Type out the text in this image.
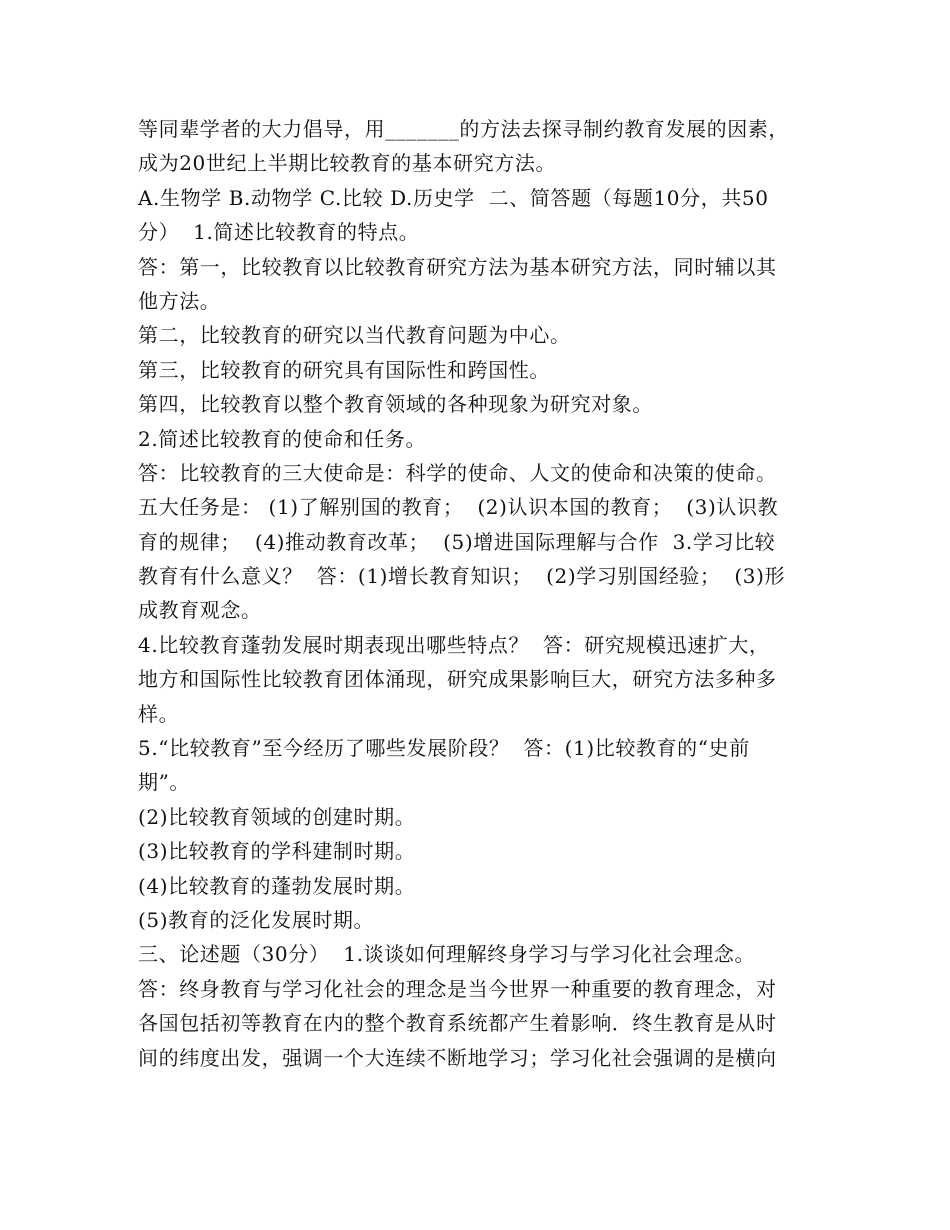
等同辈学者的大力倡导，用_______的方法去探寻制约教育发展的因素，
成为20世纪上半期比较教育的基本研究方法。
A.生物学 B.动物学 C.比较 D.历史学  二、简答题（每题10分，共50
分）  1.简述比较教育的特点。
答：第一，比较教育以比较教育研究方法为基本研究方法，同时辅以其
他方法。
第二，比较教育的研究以当代教育问题为中心。
第三，比较教育的研究具有国际性和跨国性。
第四，比较教育以整个教育领域的各种现象为研究对象。
2.简述比较教育的使命和任务。
答：比较教育的三大使命是：科学的使命、人文的使命和决策的使命。
五大任务是： (1)了解别国的教育；  (2)认识本国的教育；  (3)认识教
育的规律；  (4)推动教育改革；  (5)增进国际理解与合作  3.学习比较
教育有什么意义？  答：(1)增长教育知识；  (2)学习别国经验；  (3)形
成教育观念。
4.比较教育蓬勃发展时期表现出哪些特点？  答：研究规模迅速扩大，
地方和国际性比较教育团体涌现，研究成果影响巨大，研究方法多种多
样。
5.“比较教育”至今经历了哪些发展阶段？  答：(1)比较教育的“史前
期”。
(2)比较教育领域的创建时期。
(3)比较教育的学科建制时期。
(4)比较教育的蓬勃发展时期。
(5)教育的泛化发展时期。
三、论述题（30分）  1.谈谈如何理解终身学习与学习化社会理念。
答：终身教育与学习化社会的理念是当今世界一种重要的教育理念，对
各国包括初等教育在内的整个教育系统都产生着影响．终生教育是从时
间的纬度出发，强调一个大连续不断地学习；学习化社会强调的是横向
